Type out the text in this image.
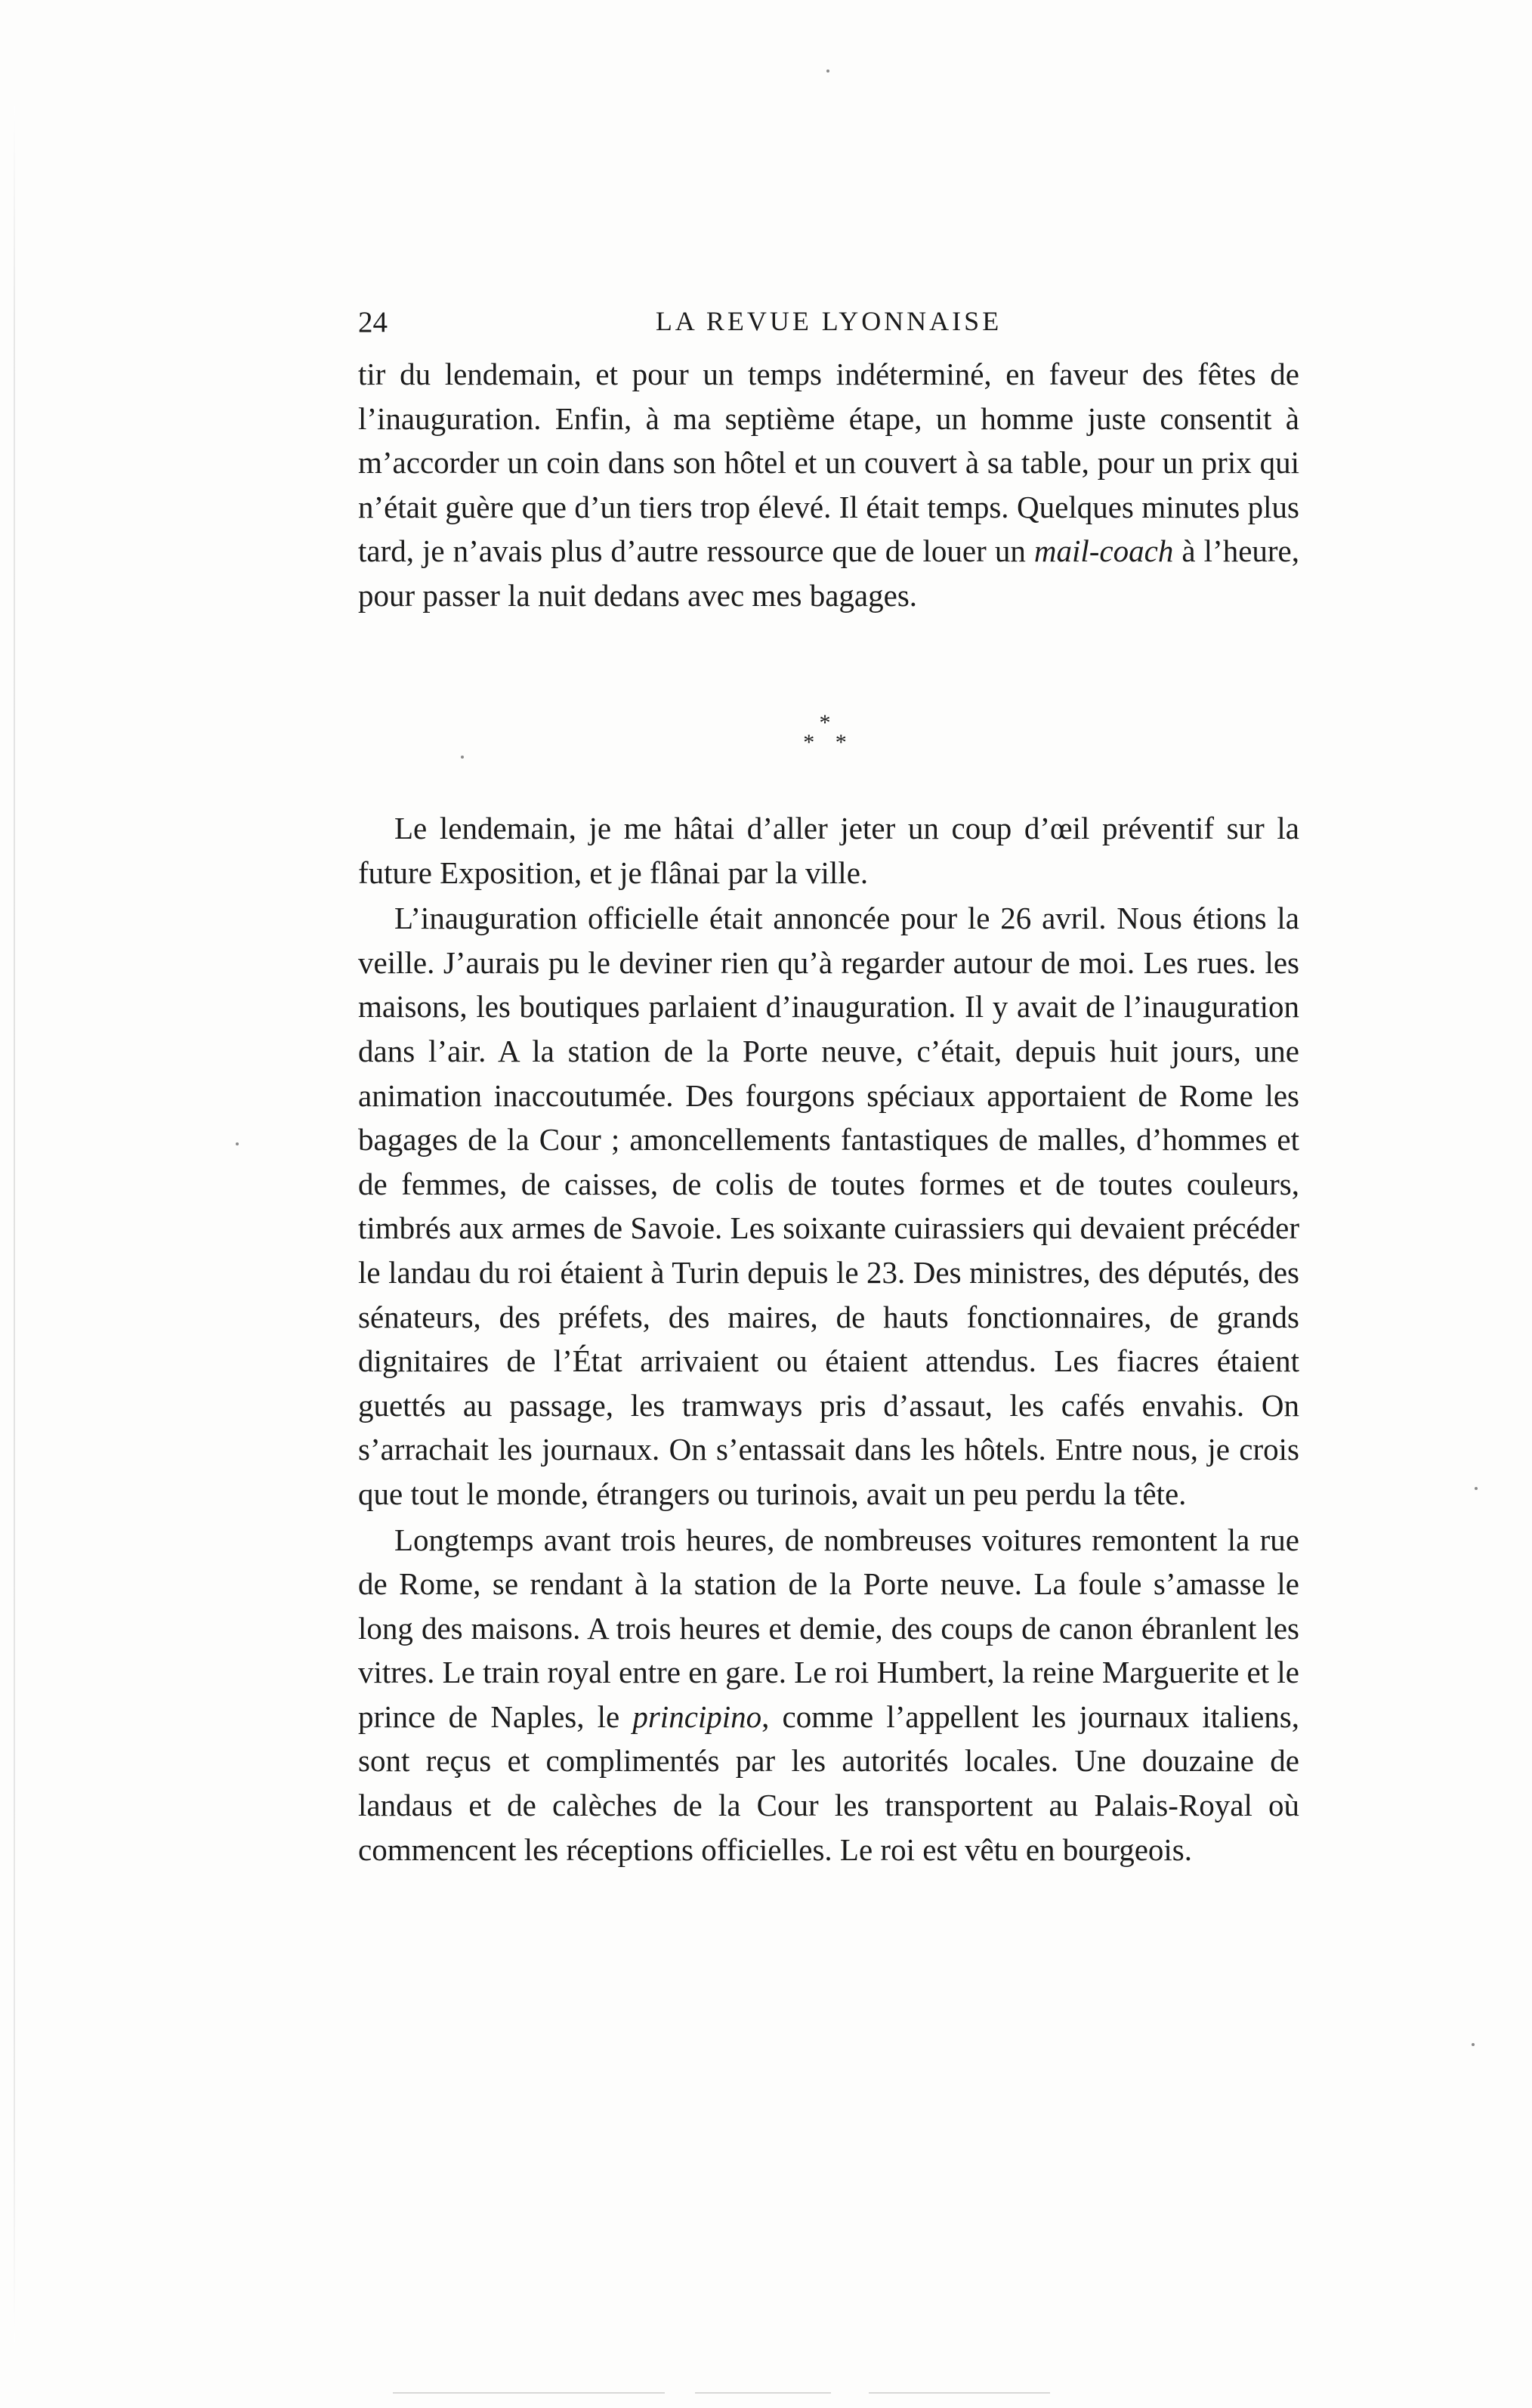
24	LA REVUE LYONNAISE

tir du lendemain, et pour un temps indéterminé, en faveur des fêtes de l’inauguration. Enfin, à ma septième étape, un homme juste consentit à m’accorder un coin dans son hôtel et un couvert à sa table, pour un prix qui n’était guère que d’un tiers trop élevé. Il était temps. Quelques minutes plus tard, je n’avais plus d’autre ressource que de louer un mail-coach à l’heure, pour passer la nuit dedans avec mes bagages.

*
* *

Le lendemain, je me hâtai d’aller jeter un coup d’œil préventif sur la future Exposition, et je flânai par la ville.

L’inauguration officielle était annoncée pour le 26 avril. Nous étions la veille. J’aurais pu le deviner rien qu’à regarder autour de moi. Les rues. les maisons, les boutiques parlaient d’inauguration. Il y avait de l’inauguration dans l’air. A la station de la Porte neuve, c’était, depuis huit jours, une animation inaccoutumée. Des fourgons spéciaux apportaient de Rome les bagages de la Cour ; amoncellements fantastiques de malles, d’hommes et de femmes, de caisses, de colis de toutes formes et de toutes couleurs, timbrés aux armes de Savoie. Les soixante cuirassiers qui devaient précéder le landau du roi étaient à Turin depuis le 23. Des ministres, des députés, des sénateurs, des préfets, des maires, de hauts fonctionnaires, de grands dignitaires de l’État arrivaient ou étaient attendus. Les fiacres étaient guettés au passage, les tramways pris d’assaut, les cafés envahis. On s’arrachait les journaux. On s’entassait dans les hôtels. Entre nous, je crois que tout le monde, étrangers ou turinois, avait un peu perdu la tête.

Longtemps avant trois heures, de nombreuses voitures remontent la rue de Rome, se rendant à la station de la Porte neuve. La foule s’amasse le long des maisons. A trois heures et demie, des coups de canon ébranlent les vitres. Le train royal entre en gare. Le roi Humbert, la reine Marguerite et le prince de Naples, le principino, comme l’appellent les journaux italiens, sont reçus et complimentés par les autorités locales. Une douzaine de landaus et de calèches de la Cour les transportent au Palais-Royal où commencent les réceptions officielles. Le roi est vêtu en bourgeois.
